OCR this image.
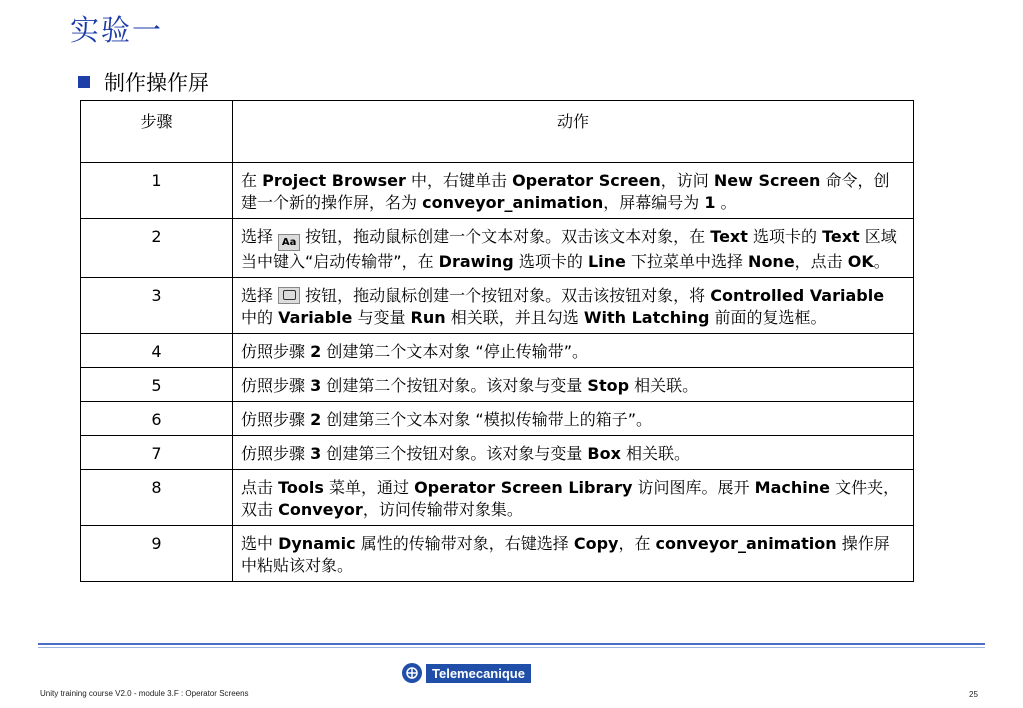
实验一
制作操作屏
步骤	动作
1	在 Project Browser 中，右键单击 Operator Screen，访问 New Screen 命令，创建一个新的操作屏，名为 conveyor_animation，屏幕编号为 1 。
2	选择 Aa 按钮，拖动鼠标创建一个文本对象。双击该文本对象，在 Text 选项卡的 Text 区域当中键入“启动传输带”，在 Drawing 选项卡的 Line 下拉菜单中选择 None，点击 OK。
3	选择  按钮，拖动鼠标创建一个按钮对象。双击该按钮对象，将 Controlled Variable 中的 Variable 与变量 Run 相关联，并且勾选 With Latching 前面的复选框。
4	仿照步骤 2 创建第二个文本对象 “停止传输带”。
5	仿照步骤 3 创建第二个按钮对象。该对象与变量 Stop 相关联。
6	仿照步骤 2 创建第三个文本对象 “模拟传输带上的箱子”。
7	仿照步骤 3 创建第三个按钮对象。该对象与变量 Box 相关联。
8	点击 Tools 菜单，通过 Operator Screen Library 访问图库。展开 Machine 文件夹，双击 Conveyor，访问传输带对象集。
9	选中 Dynamic 属性的传输带对象，右键选择 Copy，在 conveyor_animation 操作屏中粘贴该对象。
Telemecanique
Unity training course V2.0 - module 3.F : Operator Screens	25
